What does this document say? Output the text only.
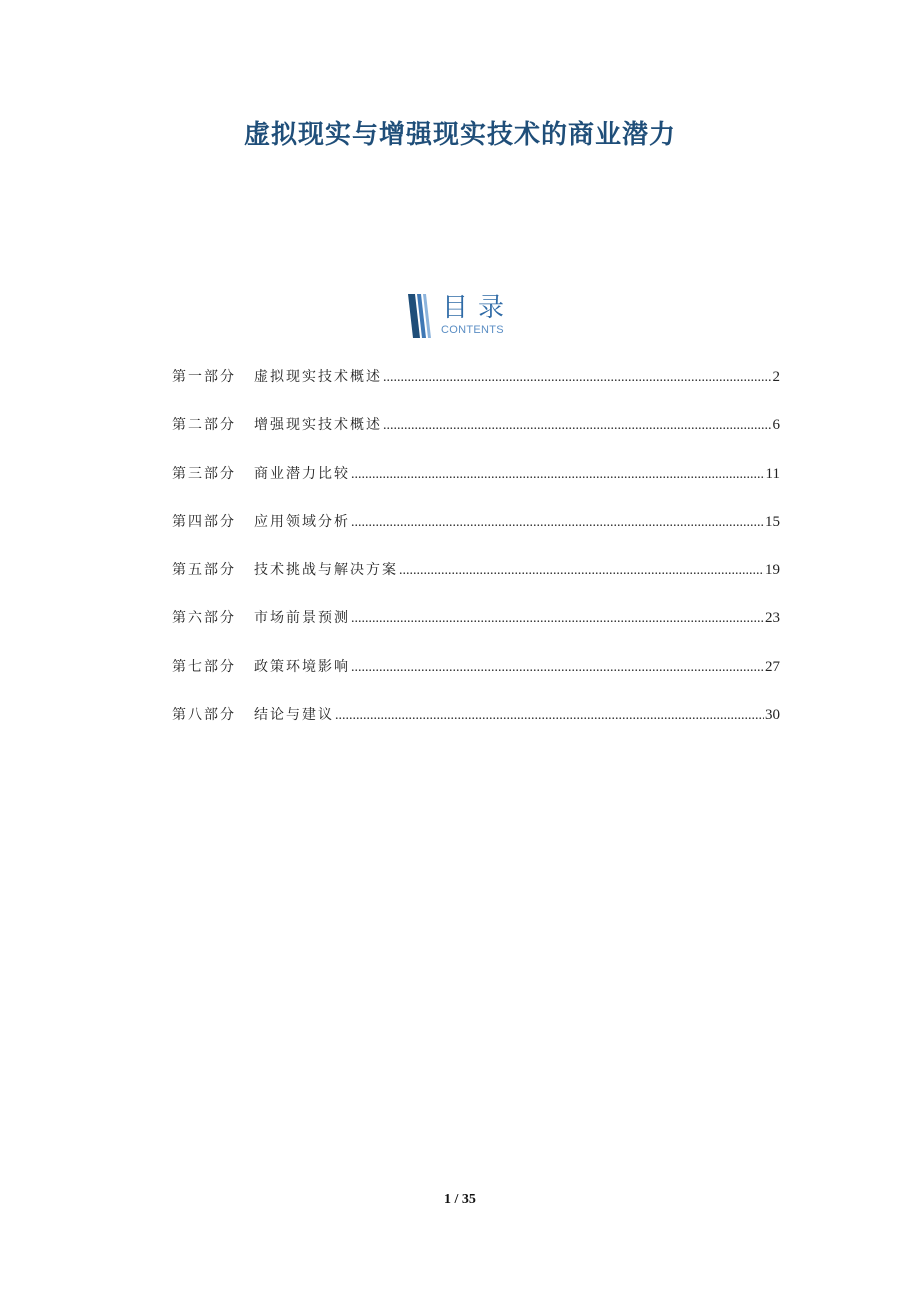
虚拟现实与增强现实技术的商业潜力
目录
CONTENTS
第一部分	虚拟现实技术概述 .....	2
第二部分	增强现实技术概述 .....	6
第三部分	商业潜力比较 .....	11
第四部分	应用领域分析 .....	15
第五部分	技术挑战与解决方案 .....	19
第六部分	市场前景预测 .....	23
第七部分	政策环境影响 .....	27
第八部分	结论与建议 .....	30
1 / 35
